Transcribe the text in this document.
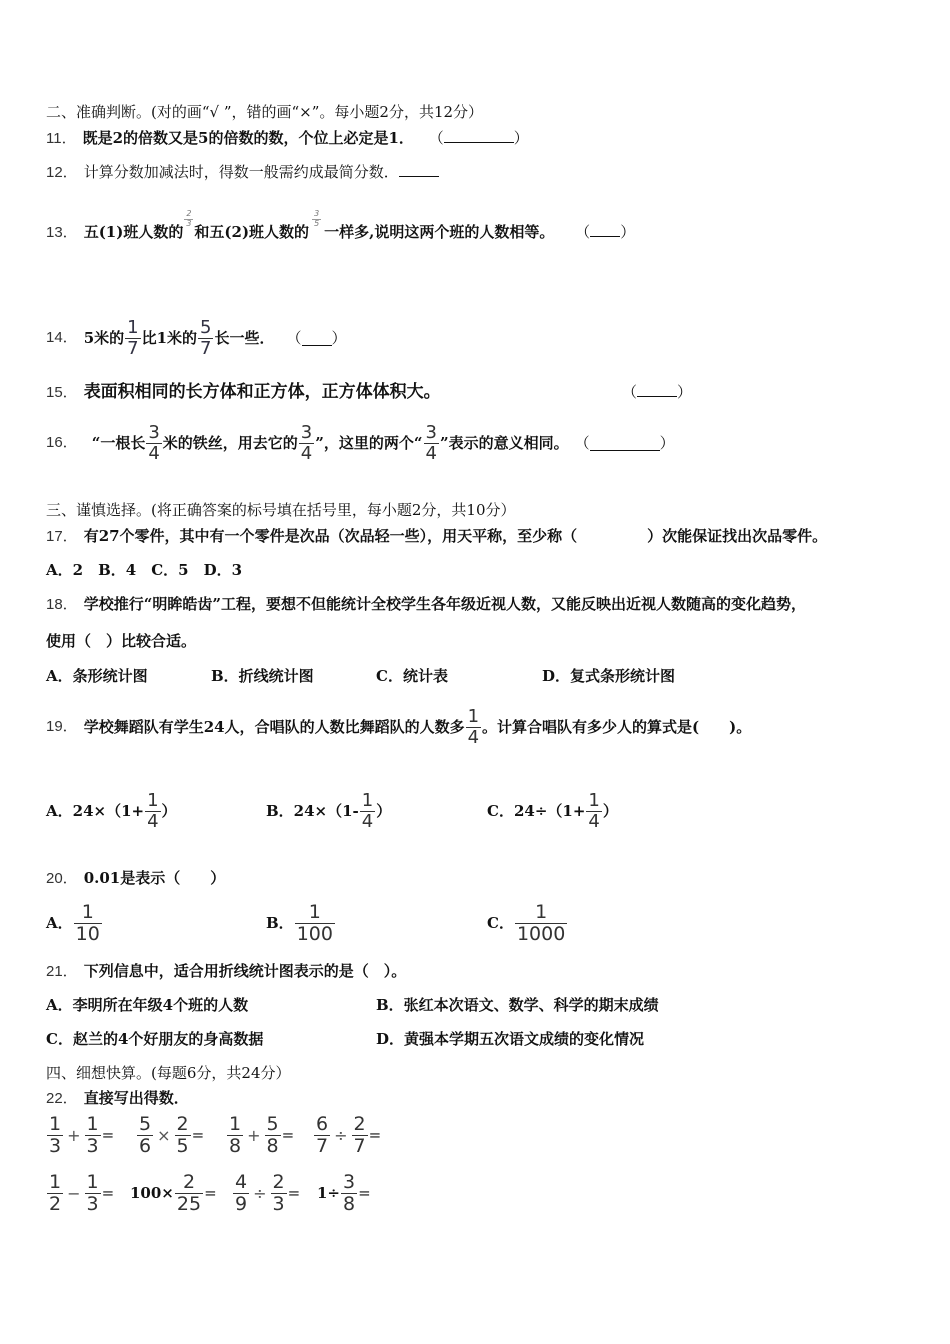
二、准确判断。(对的画“√ ”，错的画“×”。每小题2分，共12分）
11． 既是2的倍数又是5的倍数的数，个位上必定是1． （	）
12． 计算分数加减法时，得数一般需约成最简分数．
13． 五(1)班人数的
$\frac{2}{3}$
和五(2)班人数的
$\frac{3}{5}$
一样多,说明这两个班的人数相等。 （ ）
14． 5米的 $\frac{1}{7}$ 比1米的 $\frac{5}{7}$ 长一些． （ ）
15． 表面积相同的长方体和正方体，正方体体积大。	（	）
16． “一根长 $\frac{3}{4}$ 米的铁丝，用去它的 $\frac{3}{4}$ ”，这里的两个“ $\frac{3}{4}$ ”表示的意义相同。 （	）
三、谨慎选择。(将正确答案的标号填在括号里，每小题2分，共10分）
17． 有27个零件，其中有一个零件是次品（次品轻一些），用天平称，至少称（	）次能保证找出次品零件。
A．2　B．4　C．5　D．3
18． 学校推行“明眸皓齿”工程，要想不但能统计全校学生各年级近视人数，又能反映出近视人数随高的变化趋势，
使用（　）比较合适。
A．条形统计图	B．折线统计图	C．统计表	D．复式条形统计图
19． 学校舞蹈队有学生24人，合唱队的人数比舞蹈队的人数多 $\frac{1}{4}$ 。计算合唱队有多少人的算式是(　　)。
A．$24\times(1+ \frac{1}{4}$ ）	B．$24\times(1- \frac{1}{4}$ ）	C．$24\div(1+ \frac{1}{4}$ ）
20． 0.01是表示（　　）
A． $\frac{1}{10}$	B． $\frac{1}{100}$	C． $\frac{1}{1000}$
21． 下列信息中，适合用折线统计图表示的是（　）。
A．李明所在年级4个班的人数	B．张红本次语文、数学、科学的期末成绩
C．赵兰的4个好朋友的身高数据	D．黄强本学期五次语文成绩的变化情况
四、细想快算。(每题6分，共24分）
22． 直接写出得数．
$\frac{1}{3} + \frac{1}{3} = \frac{5}{6} \times \frac{2}{5} = \frac{1}{8} + \frac{5}{8} = \frac{6}{7} \div \frac{2}{7}$ =
$\frac{1}{2} - \frac{1}{3} = 100\times \frac{2}{25} = \frac{4}{9} \div \frac{2}{3} = 1\div \frac{3}{8}$ =
